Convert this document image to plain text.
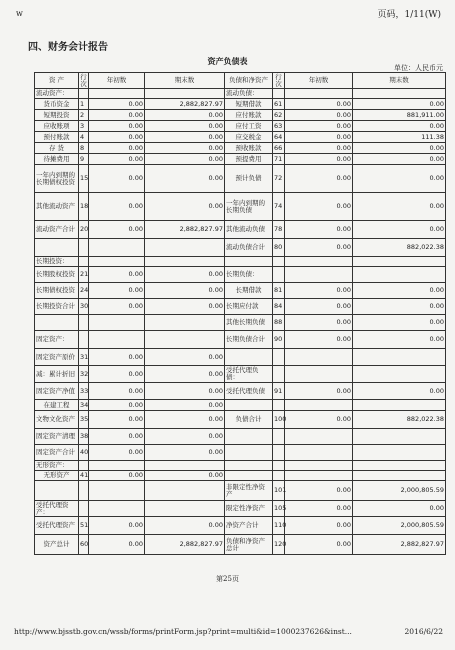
w	页码，1/11(W)
四、财务会计报告
资产负债表
单位：人民币元
资 产	行次	年初数	期末数	负债和净资产	行次	年初数	期末数
流动资产：				流动负债：			
货币资金	1	0.00	2,882,827.97	短期借款	61	0.00	0.00
短期投资	2	0.00	0.00	应付账款	62	0.00	881,911.00
应收账项	3	0.00	0.00	应付工资	63	0.00	0.00
预付账款	4	0.00	0.00	应交税金	64	0.00	111.38
存 货	8	0.00	0.00	预收账款	66	0.00	0.00
待摊费用	9	0.00	0.00	预提费用	71	0.00	0.00
一年内到期的长期债权投资	15	0.00	0.00	预计负债	72	0.00	0.00
其他流动资产	18	0.00	0.00	一年内到期的长期负债	74	0.00	0.00
流动资产合计	20	0.00	2,882,827.97	其他流动负债	78	0.00	0.00
				流动负债合计	80	0.00	882,022.38
长期投资：							
长期股权投资	21	0.00	0.00	长期负债：			
长期债权投资	24	0.00	0.00	长期借款	81	0.00	0.00
长期投资合计	30	0.00	0.00	长期应付款	84	0.00	0.00
				其他长期负债	88	0.00	0.00
固定资产：				长期负债合计	90	0.00	0.00
固定资产原价	31	0.00	0.00				
减：累计折旧	32	0.00	0.00	受托代理负债：			
固定资产净值	33	0.00	0.00	受托代理负债	91	0.00	0.00
在建工程	34	0.00	0.00				
文物文化资产	35	0.00	0.00	负债合计	100	0.00	882,022.38
固定资产清理	38	0.00	0.00				
固定资产合计	40	0.00	0.00				
无形资产：							
无形资产	41	0.00	0.00				
				非限定性净资产	101	0.00	2,000,805.59
受托代理资产：				限定性净资产	105	0.00	0.00
受托代理资产	51	0.00	0.00	净资产合计	110	0.00	2,000,805.59
资产总计	60	0.00	2,882,827.97	负债和净资产总计	120	0.00	2,882,827.97
第25页
http://www.bjsstb.gov.cn/wssb/forms/printForm.jsp?print=multi&id=1000237626&inst...	2016/6/22
